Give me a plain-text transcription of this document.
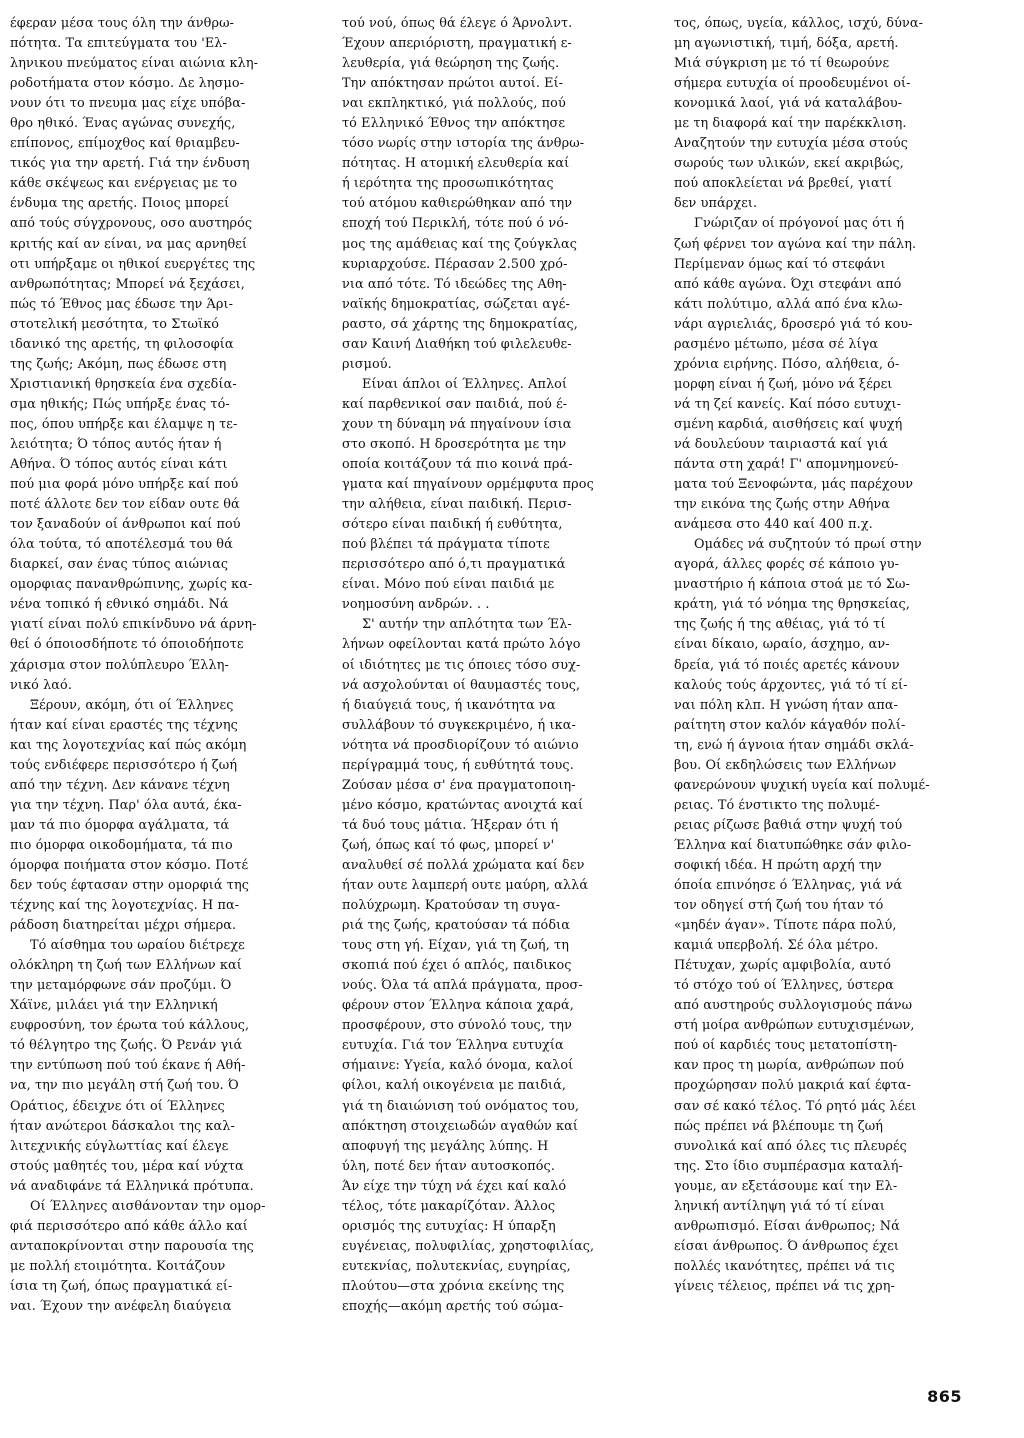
έφεραν μέσα τους όλη την άνθρω-
πότητα. Τα επιτεύγματα του 'Ελ-
ληνικου πνεύματος είναι αιώνια κλη-
ροδοτήματα στον κόσμο. Δε λησμο-
νουν ότι το πνευμα μας είχε υπόβα-
θρο ηθικό. Ένας αγώνας συνεχής,
επίπονος, επίμοχθος καί θριαμβευ-
τικός για την αρετή. Γιά την ένδυση
κάθε σκέψεως και ενέργειας με το
ένδυμα της αρετής. Ποιος μπορεί
από τούς σύγχρονους, οσο αυστηρός
κριτής καί αν είναι, να μας αρνηθεί
οτι υπήρξαμε οι ηθικοί ευεργέτες της
ανθρωπότητας; Μπορεί νά ξεχάσει,
πώς τό Έθνος μας έδωσε την Άρι-
στοτελική μεσότητα, το Στωϊκό
ιδανικό της αρετής, τη φιλοσοφία
της ζωής; Ακόμη, πως έδωσε στη
Χριστιανική θρησκεία ένα σχεδία-
σμα ηθικής; Πώς υπήρξε ένας τό-
πος, όπου υπήρξε και έλαμψε η τε-
λειότητα; Ό τόπος αυτός ήταν ή
Αθήνα. Ό τόπος αυτός είναι κάτι
πού μια φορά μόνο υπήρξε καί πού
ποτέ άλλοτε δεν τον είδαν ουτε θά
τον ξαναδούν οί άνθρωποι καί πού
όλα τούτα, τό αποτέλεσμά του θά
διαρκεί, σαν ένας τύπος αιώνιας
ομορφιας πανανθρώπινης, χωρίς κα-
νένα τοπικό ή εθνικό σημάδι. Νά
γιατί είναι πολύ επικίνδυνο νά άρνη-
θεί ό όποιοσδήποτε τό όποιοδήποτε
χάρισμα στον πολύπλευρο Έλλη-
νικό λαό.
Ξέρουν, ακόμη, ότι οί Έλληνες
ήταν καί είναι εραστές της τέχνης
και της λογοτεχνίας καί πώς ακόμη
τούς ενδιέφερε περισσότερο ή ζωή
από την τέχνη. Δεν κάνανε τέχνη
για την τέχνη. Παρ' όλα αυτά, έκα-
μαν τά πιο όμορφα αγάλματα, τά
πιο όμορφα οικοδομήματα, τά πιο
όμορφα ποιήματα στον κόσμο. Ποτέ
δεν τούς έφτασαν στην ομορφιά της
τέχνης καί της λογοτεχνίας. Η πα-
ράδοση διατηρείται μέχρι σήμερα.
Τό αίσθημα του ωραίου διέτρεχε
ολόκληρη τη ζωή των Ελλήνων καί
την μεταμόρφωνε σάν προζύμι. Ό
Χάϊνε, μιλάει γιά την Ελληνική
ευφροσύνη, τον έρωτα τού κάλλους,
τό θέλγητρο της ζωής. Ό Ρενάν γιά
την εντύπωση πού τού έκανε ή Αθή-
να, την πιο μεγάλη στή ζωή του. Ό
Οράτιος, έδειχνε ότι οί Έλληνες
ήταν ανώτεροι δάσκαλοι της καλ-
λιτεχνικής εύγλωττίας καί έλεγε
στούς μαθητές του, μέρα καί νύχτα
νά αναδιφάνε τά Ελληνικά πρότυπα.
Οί Έλληνες αισθάνονταν την ομορ-
φιά περισσότερο από κάθε άλλο καί
ανταποκρίνονται στην παρουσία της
με πολλή ετοιμότητα. Κοιτάζουν
ίσια τη ζωή, όπως πραγματικά εί-
ναι. Έχουν την ανέφελη διαύγεια
τού νού, όπως θά έλεγε ό Άρνολντ.
Έχουν απεριόριστη, πραγματική ε-
λευθερία, γιά θεώρηση της ζωής.
Την απόκτησαν πρώτοι αυτοί. Εί-
ναι εκπληκτικό, γιά πολλούς, πού
τό Ελληνικό Έθνος την απόκτησε
τόσο νωρίς στην ιστορία της άνθρω-
πότητας. Η ατομική ελευθερία καί
ή ιερότητα της προσωπικότητας
τού ατόμου καθιερώθηκαν από την
εποχή τού Περικλή, τότε πού ό νό-
μος της αμάθειας καί της ζούγκλας
κυριαρχούσε. Πέρασαν 2.500 χρό-
νια από τότε. Τό ιδεώδες της Αθη-
ναϊκής δημοκρατίας, σώζεται αγέ-
ραστο, σά χάρτης της δημοκρατίας,
σαν Καινή Διαθήκη τού φιλελευθε-
ρισμού.
Είναι άπλοι οί Έλληνες. Απλοί
καί παρθενικοί σαν παιδιά, πού έ-
χουν τη δύναμη νά πηγαίνουν ίσια
στο σκοπό. Η δροσερότητα με την
οποία κοιτάζουν τά πιο κοινά πρά-
γματα καί πηγαίνουν ορμέμφυτα προς
την αλήθεια, είναι παιδική. Περισ-
σότερο είναι παιδική ή ευθύτητα,
πού βλέπει τά πράγματα τίποτε
περισσότερο από ό,τι πραγματικά
είναι. Μόνο πού είναι παιδιά με
νοημοσύνη ανδρών. . .
Σ' αυτήν την απλότητα των Έλ-
λήνων οφείλονται κατά πρώτο λόγο
οί ιδιότητες με τις όποιες τόσο συχ-
νά ασχολούνται οί θαυμαστές τους,
ή διαύγειά τους, ή ικανότητα να
συλλάβουν τό συγκεκριμένο, ή ικα-
νότητα νά προσδιορίζουν τό αιώνιο
περίγραμμά τους, ή ευθύτητά τους.
Ζούσαν μέσα σ' ένα πραγματοποιη-
μένο κόσμο, κρατώντας ανοιχτά καί
τά δυό τους μάτια. Ήξεραν ότι ή
ζωή, όπως καί τό φως, μπορεί ν'
αναλυθεί σέ πολλά χρώματα καί δεν
ήταν ουτε λαμπερή ουτε μαύρη, αλλά
πολύχρωμη. Κρατούσαν τη συγα-
ριά της ζωής, κρατούσαν τά πόδια
τους στη γή. Είχαν, γιά τη ζωή, τη
σκοπιά πού έχει ό απλός, παιδικος
νούς. Όλα τά απλά πράγματα, προσ-
φέρουν στον Έλληνα κάποια χαρά,
προσφέρουν, στο σύνολό τους, την
ευτυχία. Γιά τον Έλληνα ευτυχία
σήμαινε: Υγεία, καλό όνομα, καλοί
φίλοι, καλή οικογένεια με παιδιά,
γιά τη διαιώνιση τού ονόματος του,
απόκτηση στοιχειωδών αγαθών καί
αποφυγή της μεγάλης λύπης. Η
ύλη, ποτέ δεν ήταν αυτοσκοπός.
Άν είχε την τύχη νά έχει καί καλό
τέλος, τότε μακαρίζόταν. Άλλος
ορισμός της ευτυχίας: Η ύπαρξη
ευγένειας, πολυφιλίας, χρηστοφιλίας,
ευτεκνίας, πολυτεκνίας, ευγηρίας,
πλούτου—στα χρόνια εκείνης της
εποχής—ακόμη αρετής τού σώμα-
τος, όπως, υγεία, κάλλος, ισχύ, δύνα-
μη αγωνιστική, τιμή, δόξα, αρετή.
Μιά σύγκριση με τό τί θεωρούνε
σήμερα ευτυχία οί προοδευμένοι οί-
κονομικά λαοί, γιά νά καταλάβου-
με τη διαφορά καί την παρέκκλιση.
Αναζητούν την ευτυχία μέσα στούς
σωρούς των υλικών, εκεί ακριβώς,
πού αποκλείεται νά βρεθεί, γιατί
δεν υπάρχει.
Γνώριζαν οί πρόγονοί μας ότι ή
ζωή φέρνει τον αγώνα καί την πάλη.
Περίμεναν όμως καί τό στεφάνι
από κάθε αγώνα. Όχι στεφάνι από
κάτι πολύτιμο, αλλά από ένα κλω-
νάρι αγριελιάς, δροσερό γιά τό κου-
ρασμένο μέτωπο, μέσα σέ λίγα
χρόνια ειρήνης. Πόσο, αλήθεια, ό-
μορφη είναι ή ζωή, μόνο νά ξέρει
νά τη ζεί κανείς. Καί πόσο ευτυχι-
σμένη καρδιά, αισθήσεις καί ψυχή
νά δουλεύουν ταιριαστά καί γιά
πάντα στη χαρά! Γ' απομνημονεύ-
ματα τού Ξενοφώντα, μάς παρέχουν
την εικόνα της ζωής στην Αθήνα
ανάμεσα στο 440 καί 400 π.χ.
Ομάδες νά συζητούν τό πρωί στην
αγορά, άλλες φορές σέ κάποιο γυ-
μναστήριο ή κάποια στοά με τό Σω-
κράτη, γιά τό νόημα της θρησκείας,
της ζωής ή της αθέιας, γιά τό τί
είναι δίκαιο, ωραίο, άσχημο, αν-
δρεία, γιά τό ποιές αρετές κάνουν
καλούς τούς άρχοντες, γιά τό τί εί-
ναι πόλη κλπ. Η γνώση ήταν απα-
ραίτητη στον καλόν κάγαθόν πολί-
τη, ενώ ή άγνοια ήταν σημάδι σκλά-
βου. Οί εκδηλώσεις των Ελλήνων
φανερώνουν ψυχική υγεία καί πολυμέ-
ρειας. Τό ένστικτο της πολυμέ-
ρειας ρίζωσε βαθιά στην ψυχή τού
Έλληνα καί διατυπώθηκε σάν φιλο-
σοφική ιδέα. Η πρώτη αρχή την
όποία επινόησε ό Έλληνας, γιά νά
τον οδηγεί στή ζωή του ήταν τό
«μηδέν άγαν». Τίποτε πάρα πολύ,
καμιά υπερβολή. Σέ όλα μέτρο.
Πέτυχαν, χωρίς αμφιβολία, αυτό
τό στόχο τού οί Έλληνες, ύστερα
από αυστηρούς συλλογισμούς πάνω
στή μοίρα ανθρώπων ευτυχισμένων,
πού οί καρδιές τους μετατοπίστη-
καν προς τη μωρία, ανθρώπων πού
προχώρησαν πολύ μακριά καί έφτα-
σαν σέ κακό τέλος. Τό ρητό μάς λέει
πώς πρέπει νά βλέπουμε τη ζωή
συνολικά καί από όλες τις πλευρές
της. Στο ίδιο συμπέρασμα καταλή-
γουμε, αν εξετάσουμε καί την Ελ-
ληνική αντίληψη γιά τό τί είναι
ανθρωπισμό. Είσαι άνθρωπος; Νά
είσαι άνθρωπος. Ό άνθρωπος έχει
πολλές ικανότητες, πρέπει νά τις
γίνεις τέλειος, πρέπει νά τις χρη-
865
